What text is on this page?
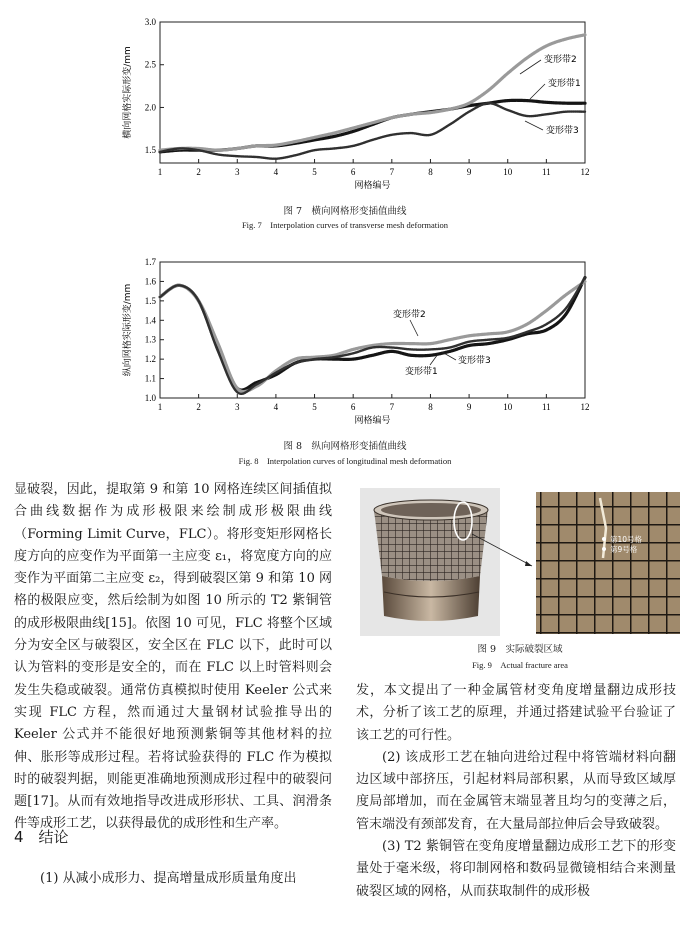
1	2	3	4	5	6	7	8	9	10	11	12
1.5
2.0
2.5
3.0
网格编号
横向网格实际形变/mm	变形带2
变形带1
变形带3
图 7　横向网格形变插值曲线
Fig. 7　Interpolation curves of transverse mesh deformation
1	2	3	4	5	6	7	8	9	10	11	12
1.0
1.1
1.2
1.3
1.4
1.5
1.6
1.7
网格编号
纵向网格实际形变/mm	变形带2
变形带3
变形带1
图 8　纵向网格形变插值曲线
Fig. 8　Interpolation curves of longitudinal mesh deformation

显破裂，因此，提取第 9 和第 10 网格连续区间插值拟合曲线数据作为成形极限来绘制成形极限曲线（Forming Limit Curve，FLC）。将形变矩形网格长度方向的应变作为平面第一主应变 ε₁，将宽度方向的应变作为平面第二主应变 ε₂，得到破裂区第 9 和第 10 网格的极限应变，然后绘制为如图 10 所示的 T2 紫铜管的成形极限曲线[15]。依图 10 可见，FLC 将整个区域分为安全区与破裂区，安全区在 FLC 以下，此时可以认为管料的变形是安全的，而在 FLC 以上时管料则会发生失稳或破裂。通常仿真模拟时使用 Keeler 公式来实现 FLC 方程，然而通过大量钢材试验推导出的 Keeler 公式并不能很好地预测紫铜等其他材料的拉伸、胀形等成形过程。若将试验获得的 FLC 作为模拟时的破裂判据，则能更准确地预测成形过程中的破裂问题[17]。从而有效地指导改进成形形状、工具、润滑条件等成形工艺，以获得最优的成形性和生产率。

4　结论

(1) 从减小成形力、提高增量成形质量角度出

第10号格
第9号格
图 9　实际破裂区域
Fig. 9　Actual fracture area

发，本文提出了一种金属管材变角度增量翻边成形技术，分析了该工艺的原理，并通过搭建试验平台验证了该工艺的可行性。

(2) 该成形工艺在轴向进给过程中将管端材料向翻边区域中部挤压，引起材料局部积累，从而导致区域厚度局部增加，而在金属管末端显著且均匀的变薄之后，管末端没有颈部发育，在大量局部拉伸后会导致破裂。

(3) T2 紫铜管在变角度增量翻边成形工艺下的形变量处于毫米级，将印制网格和数码显微镜相结合来测量破裂区域的网格，从而获取制件的成形极
